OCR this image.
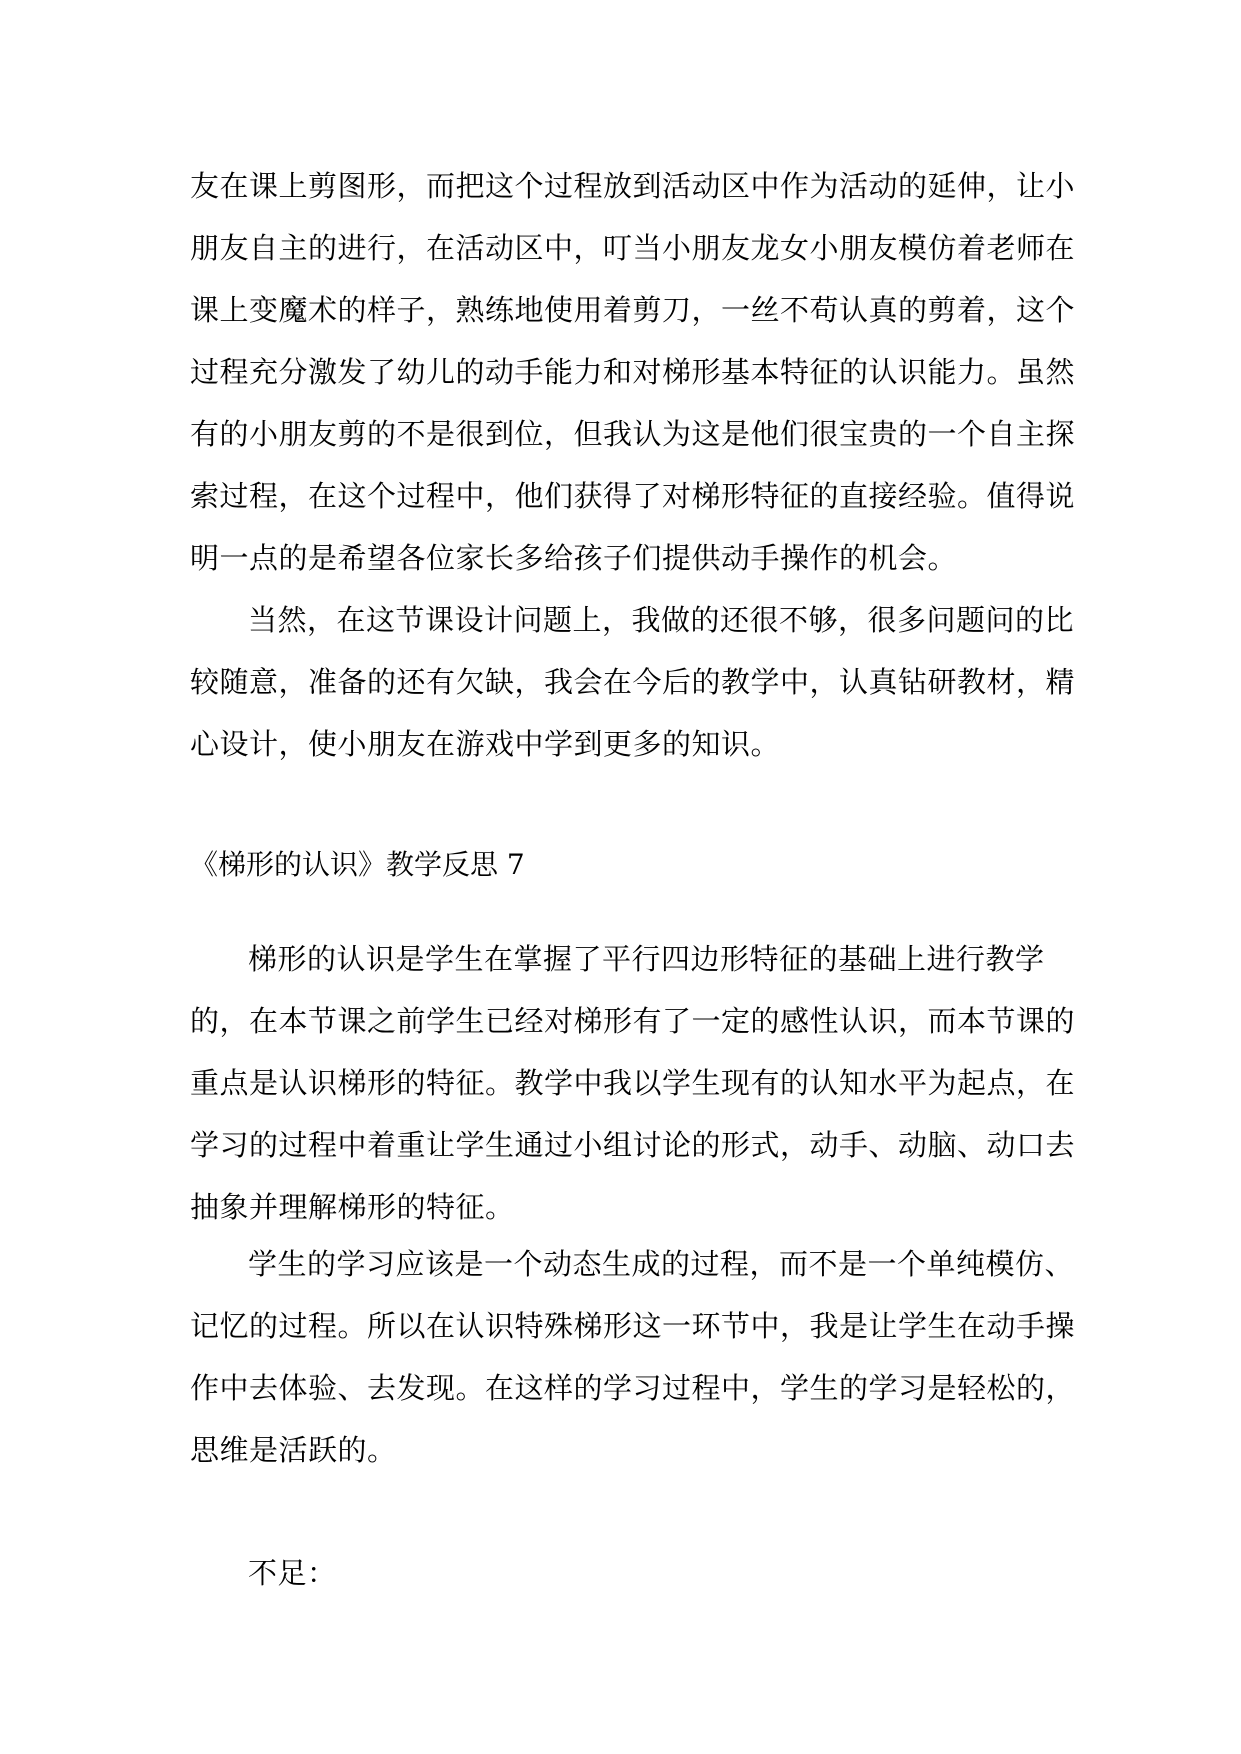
友在课上剪图形，而把这个过程放到活动区中作为活动的延伸，让小
朋友自主的进行，在活动区中，叮当小朋友龙女小朋友模仿着老师在
课上变魔术的样子，熟练地使用着剪刀，一丝不苟认真的剪着，这个
过程充分激发了幼儿的动手能力和对梯形基本特征的认识能力。虽然
有的小朋友剪的不是很到位，但我认为这是他们很宝贵的一个自主探
索过程，在这个过程中，他们获得了对梯形特征的直接经验。值得说
明一点的是希望各位家长多给孩子们提供动手操作的机会。
当然，在这节课设计问题上，我做的还很不够，很多问题问的比
较随意，准备的还有欠缺，我会在今后的教学中，认真钻研教材，精
心设计，使小朋友在游戏中学到更多的知识。
《梯形的认识》教学反思 7
梯形的认识是学生在掌握了平行四边形特征的基础上进行教学
的，在本节课之前学生已经对梯形有了一定的感性认识，而本节课的
重点是认识梯形的特征。教学中我以学生现有的认知水平为起点，在
学习的过程中着重让学生通过小组讨论的形式，动手、动脑、动口去
抽象并理解梯形的特征。
学生的学习应该是一个动态生成的过程，而不是一个单纯模仿、
记忆的过程。所以在认识特殊梯形这一环节中，我是让学生在动手操
作中去体验、去发现。在这样的学习过程中，学生的学习是轻松的，
思维是活跃的。
不足：
